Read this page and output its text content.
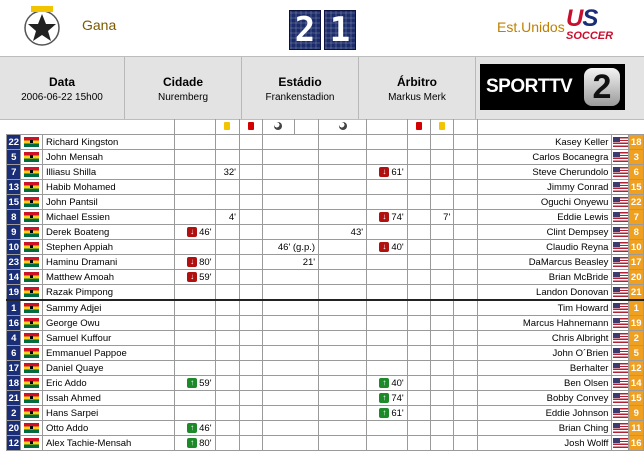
Gana	2 1	Est.Unidos US
SOCCER
Data
2006-06-22 15h00
Cidade
Nuremberg
Estádio
Frankenstadion
Árbitro
Markus Merk
SPORTTV 2

22		Richard Kingston											Kasey Keller		18
5		John Mensah											Carlos Bocanegra		3
7		Illiasu Shilla		32'					↓ 61'				Steve Cherundolo		6
13		Habib Mohamed											Jimmy Conrad		15
15		John Pantsil											Oguchi Onyewu		22
8		Michael Essien		4'					↓ 74'		7'		Eddie Lewis		7
9		Derek Boateng	↓ 46'					43'					Clint Dempsey		8
10		Stephen Appiah				46' (g.p.)			↓ 40'				Claudio Reyna		10
23		Haminu Dramani	↓ 80'			21'							DaMarcus Beasley		17
14		Matthew Amoah	↓ 59'										Brian McBride		20
19		Razak Pimpong											Landon Donovan		21
1		Sammy Adjei											Tim Howard		1
16		George Owu											Marcus Hahnemann		19
4		Samuel Kuffour											Chris Albright		2
6		Emmanuel Pappoe											John O´Brien		5
17		Daniel Quaye											Berhalter		12
18		Eric Addo	↑ 59'						↑ 40'				Ben Olsen		14
21		Issah Ahmed							↑ 74'				Bobby Convey		15
2		Hans Sarpei							↑ 61'				Eddie Johnson		9
20		Otto Addo	↑ 46'										Brian Ching		11
12		Alex Tachie-Mensah	↑ 80'										Josh Wolff		16
